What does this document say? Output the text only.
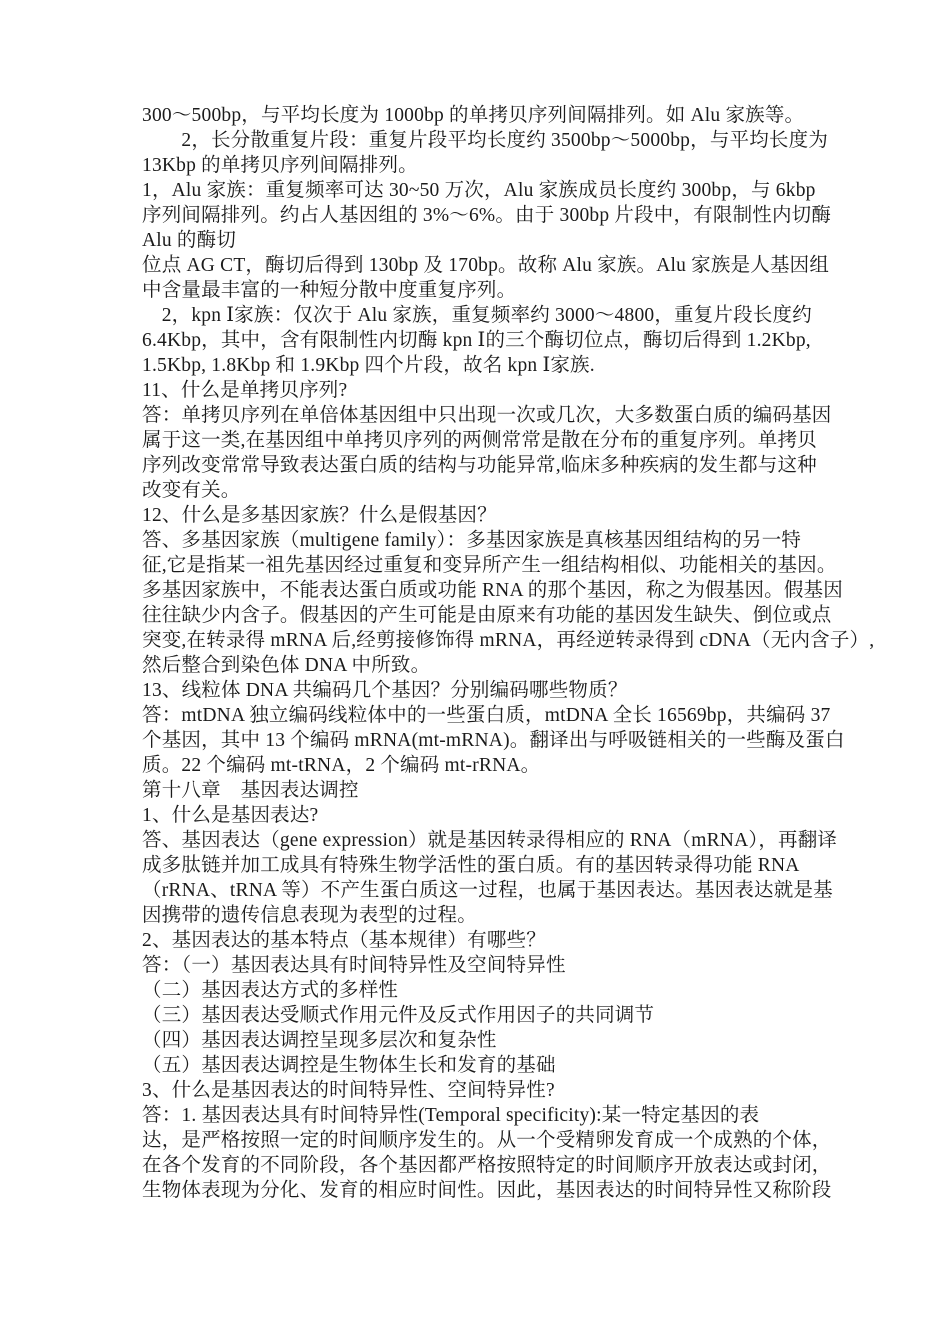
300～500bp，与平均长度为 1000bp 的单拷贝序列间隔排列。如 Alu 家族等。
　　2，长分散重复片段：重复片段平均长度约 3500bp～5000bp，与平均长度为
13Kbp 的单拷贝序列间隔排列。
1，Alu 家族：重复频率可达 30~50 万次，Alu 家族成员长度约 300bp，与 6kbp
序列间隔排列。约占人基因组的 3%～6%。由于 300bp 片段中，有限制性内切酶
Alu 的酶切
位点 AG CT，酶切后得到 130bp 及 170bp。故称 Alu 家族。Alu 家族是人基因组
中含量最丰富的一种短分散中度重复序列。
　2，kpn Ⅰ家族：仅次于 Alu 家族，重复频率约 3000～4800，重复片段长度约
6.4Kbp，其中，含有限制性内切酶 kpn Ⅰ的三个酶切位点，酶切后得到 1.2Kbp,
1.5Kbp, 1.8Kbp 和 1.9Kbp 四个片段，故名 kpn Ⅰ家族.
11、什么是单拷贝序列?
答：单拷贝序列在单倍体基因组中只出现一次或几次，大多数蛋白质的编码基因
属于这一类,在基因组中单拷贝序列的两侧常常是散在分布的重复序列。单拷贝
序列改变常常导致表达蛋白质的结构与功能异常,临床多种疾病的发生都与这种
改变有关。
12、什么是多基因家族？什么是假基因？
答、多基因家族（multigene family）：多基因家族是真核基因组结构的另一特
征,它是指某一祖先基因经过重复和变异所产生一组结构相似、功能相关的基因。
多基因家族中，不能表达蛋白质或功能 RNA 的那个基因，称之为假基因。假基因
往往缺少内含子。假基因的产生可能是由原来有功能的基因发生缺失、倒位或点
突变,在转录得 mRNA 后,经剪接修饰得 mRNA，再经逆转录得到 cDNA（无内含子）,
然后整合到染色体 DNA 中所致。
13、线粒体 DNA 共编码几个基因？分别编码哪些物质？
答：mtDNA 独立编码线粒体中的一些蛋白质，mtDNA 全长 16569bp，共编码 37
个基因，其中 13 个编码 mRNA(mt-mRNA)。翻译出与呼吸链相关的一些酶及蛋白
质。22 个编码 mt-tRNA，2 个编码 mt-rRNA。
第十八章　基因表达调控
1、什么是基因表达?
答、基因表达（gene expression）就是基因转录得相应的 RNA（mRNA），再翻译
成多肽链并加工成具有特殊生物学活性的蛋白质。有的基因转录得功能 RNA
（rRNA、tRNA 等）不产生蛋白质这一过程，也属于基因表达。基因表达就是基
因携带的遗传信息表现为表型的过程。
2、基因表达的基本特点（基本规律）有哪些？
答：（一）基因表达具有时间特异性及空间特异性
（二）基因表达方式的多样性
（三）基因表达受顺式作用元件及反式作用因子的共同调节
（四）基因表达调控呈现多层次和复杂性
（五）基因表达调控是生物体生长和发育的基础
3、什么是基因表达的时间特异性、空间特异性?
答：1. 基因表达具有时间特异性(Temporal specificity):某一特定基因的表
达，是严格按照一定的时间顺序发生的。从一个受精卵发育成一个成熟的个体，
在各个发育的不同阶段，各个基因都严格按照特定的时间顺序开放表达或封闭，
生物体表现为分化、发育的相应时间性。因此，基因表达的时间特异性又称阶段
